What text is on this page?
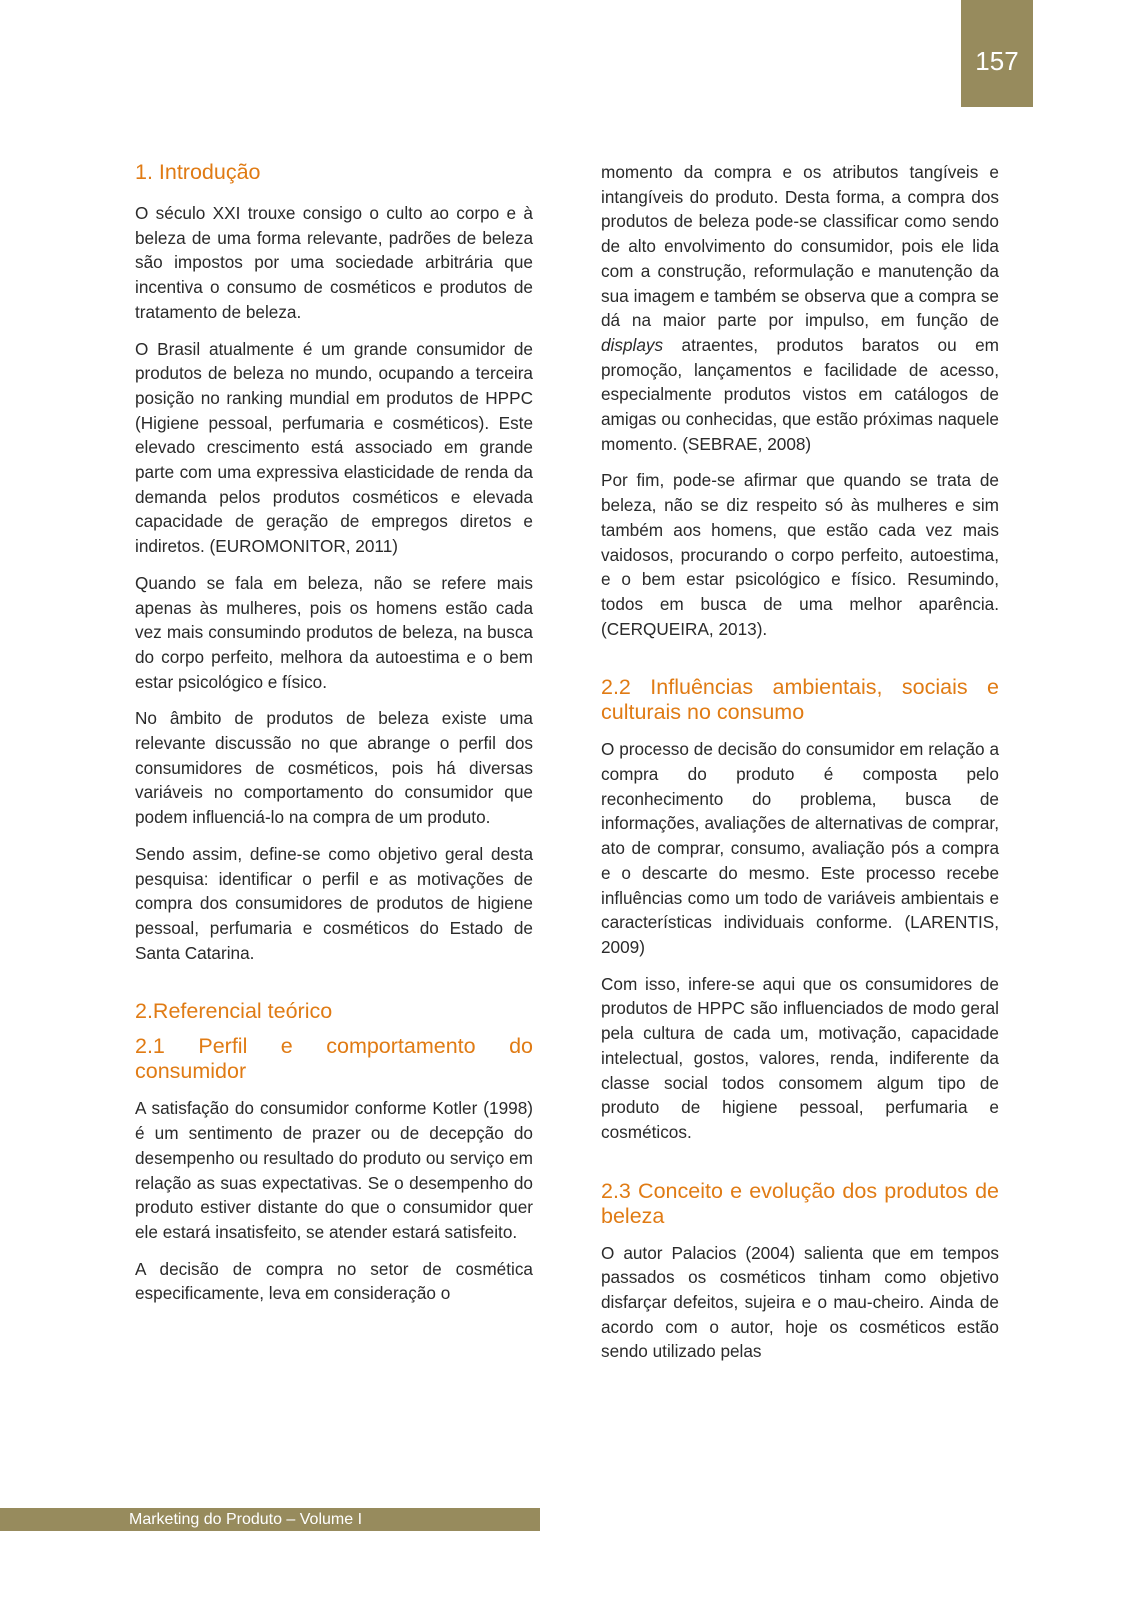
157
1. Introdução

O século XXI trouxe consigo o culto ao corpo e à beleza de uma forma relevante, padrões de beleza são impostos por uma sociedade arbitrária que incentiva o consumo de cosméticos e produtos de tratamento de beleza.

O Brasil atualmente é um grande consumidor de produtos de beleza no mundo, ocupando a terceira posição no ranking mundial em produtos de HPPC (Higiene pessoal, perfumaria e cosméticos). Este elevado crescimento está associado em grande parte com uma expressiva elasticidade de renda da demanda pelos produtos cosméticos e elevada capacidade de geração de empregos diretos e indiretos. (EUROMONITOR, 2011)

Quando se fala em beleza, não se refere mais apenas às mulheres, pois os homens estão cada vez mais consumindo produtos de beleza, na busca do corpo perfeito, melhora da autoestima e o bem estar psicológico e físico.

No âmbito de produtos de beleza existe uma relevante discussão no que abrange o perfil dos consumidores de cosméticos, pois há diversas variáveis no comportamento do consumidor que podem influenciá-lo na compra de um produto.

Sendo assim, define-se como objetivo geral desta pesquisa: identificar o perfil e as motivações de compra dos consumidores de produtos de higiene pessoal, perfumaria e cosméticos do Estado de Santa Catarina.

2.Referencial teórico
2.1 Perfil e comportamento do consumidor

A satisfação do consumidor conforme Kotler (1998) é um sentimento de prazer ou de decepção do desempenho ou resultado do produto ou serviço em relação as suas expectativas. Se o desempenho do produto estiver distante do que o consumidor quer ele estará insatisfeito, se atender estará satisfeito.

A decisão de compra no setor de cosmética especificamente, leva em consideração o

momento da compra e os atributos tangíveis e intangíveis do produto. Desta forma, a compra dos produtos de beleza pode-se classificar como sendo de alto envolvimento do consumidor, pois ele lida com a construção, reformulação e manutenção da sua imagem e também se observa que a compra se dá na maior parte por impulso, em função de displays atraentes, produtos baratos ou em promoção, lançamentos e facilidade de acesso, especialmente produtos vistos em catálogos de amigas ou conhecidas, que estão próximas naquele momento. (SEBRAE, 2008)

Por fim, pode-se afirmar que quando se trata de beleza, não se diz respeito só às mulheres e sim também aos homens, que estão cada vez mais vaidosos, procurando o corpo perfeito, autoestima, e o bem estar psicológico e físico. Resumindo, todos em busca de uma melhor aparência. (CERQUEIRA, 2013).

2.2 Influências ambientais, sociais e culturais no consumo

O processo de decisão do consumidor em relação a compra do produto é composta pelo reconhecimento do problema, busca de informações, avaliações de alternativas de comprar, ato de comprar, consumo, avaliação pós a compra e o descarte do mesmo. Este processo recebe influências como um todo de variáveis ambientais e características individuais conforme. (LARENTIS, 2009)

Com isso, infere-se aqui que os consumidores de produtos de HPPC são influenciados de modo geral pela cultura de cada um, motivação, capacidade intelectual, gostos, valores, renda, indiferente da classe social todos consomem algum tipo de produto de higiene pessoal, perfumaria e cosméticos.

2.3 Conceito e evolução dos produtos de beleza

O autor Palacios (2004) salienta que em tempos passados os cosméticos tinham como objetivo disfarçar defeitos, sujeira e o mau-cheiro. Ainda de acordo com o autor, hoje os cosméticos estão sendo utilizado pelas

Marketing do Produto – Volume I
